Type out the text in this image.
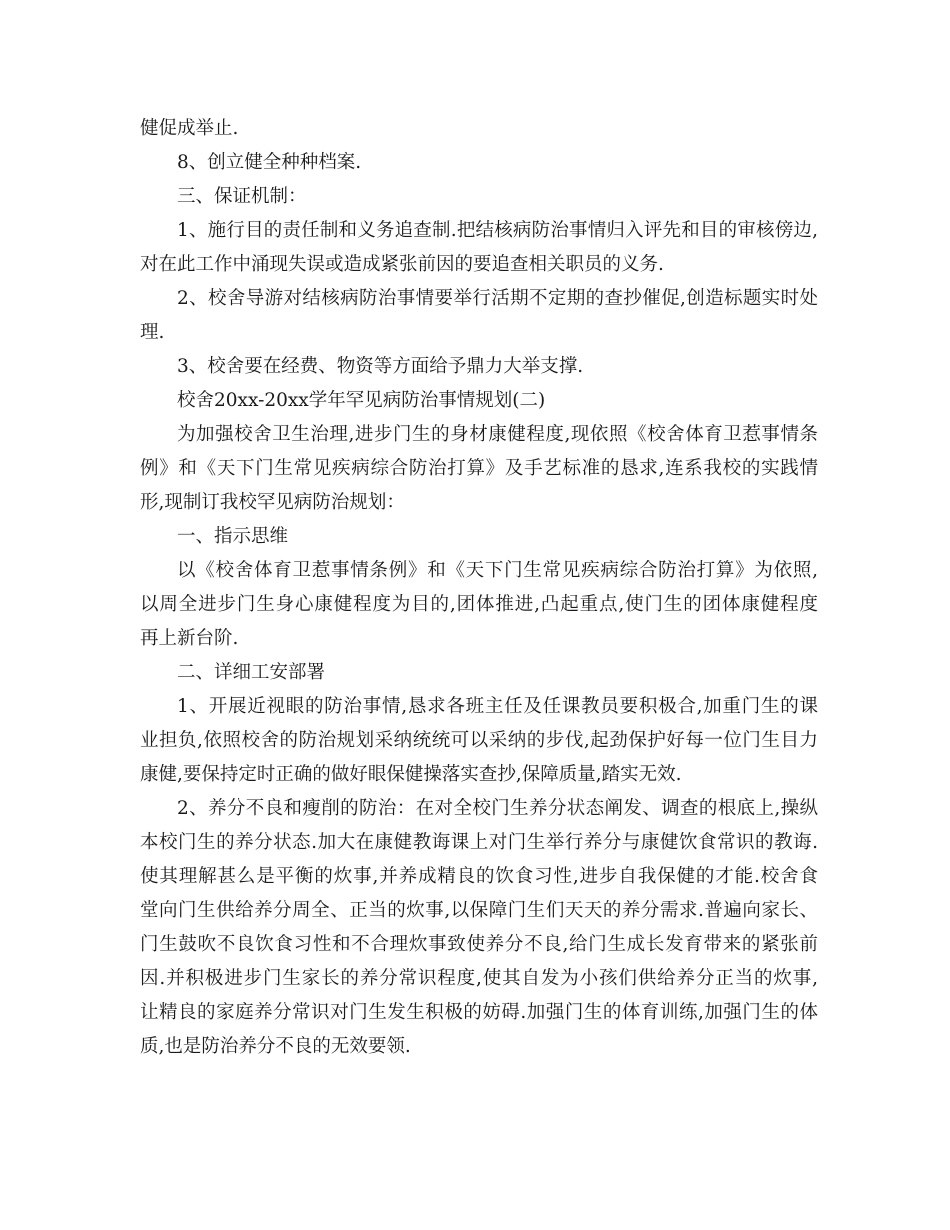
健促成举止.
8、创立健全种种档案.
三、保证机制：
1、施行目的责任制和义务追查制.把结核病防治事情归入评先和目的审核傍边,
对在此工作中涌现失误或造成紧张前因的要追查相关职员的义务.
2、校舍导游对结核病防治事情要举行活期不定期的查抄催促,创造标题实时处
理.
3、校舍要在经费、物资等方面给予鼎力大举支撑.
校舍20xx-20xx学年罕见病防治事情规划(二)
为加强校舍卫生治理,进步门生的身材康健程度,现依照《校舍体育卫惹事情条
例》和《天下门生常见疾病综合防治打算》及手艺标准的恳求,连系我校的实践情
形,现制订我校罕见病防治规划：
一、指示思维
以《校舍体育卫惹事情条例》和《天下门生常见疾病综合防治打算》为依照,
以周全进步门生身心康健程度为目的,团体推进,凸起重点,使门生的团体康健程度
再上新台阶.
二、详细工安部署
1、开展近视眼的防治事情,恳求各班主任及任课教员要积极合,加重门生的课
业担负,依照校舍的防治规划采纳统统可以采纳的步伐,起劲保护好每一位门生目力
康健,要保持定时正确的做好眼保健操落实查抄,保障质量,踏实无效.
2、养分不良和瘦削的防治：在对全校门生养分状态阐发、调查的根底上,操纵
本校门生的养分状态.加大在康健教诲课上对门生举行养分与康健饮食常识的教诲.
使其理解甚么是平衡的炊事,并养成精良的饮食习性,进步自我保健的才能.校舍食
堂向门生供给养分周全、正当的炊事,以保障门生们天天的养分需求.普遍向家长、
门生鼓吹不良饮食习性和不合理炊事致使养分不良,给门生成长发育带来的紧张前
因.并积极进步门生家长的养分常识程度,使其自发为小孩们供给养分正当的炊事,
让精良的家庭养分常识对门生发生积极的妨碍.加强门生的体育训练,加强门生的体
质,也是防治养分不良的无效要领.
